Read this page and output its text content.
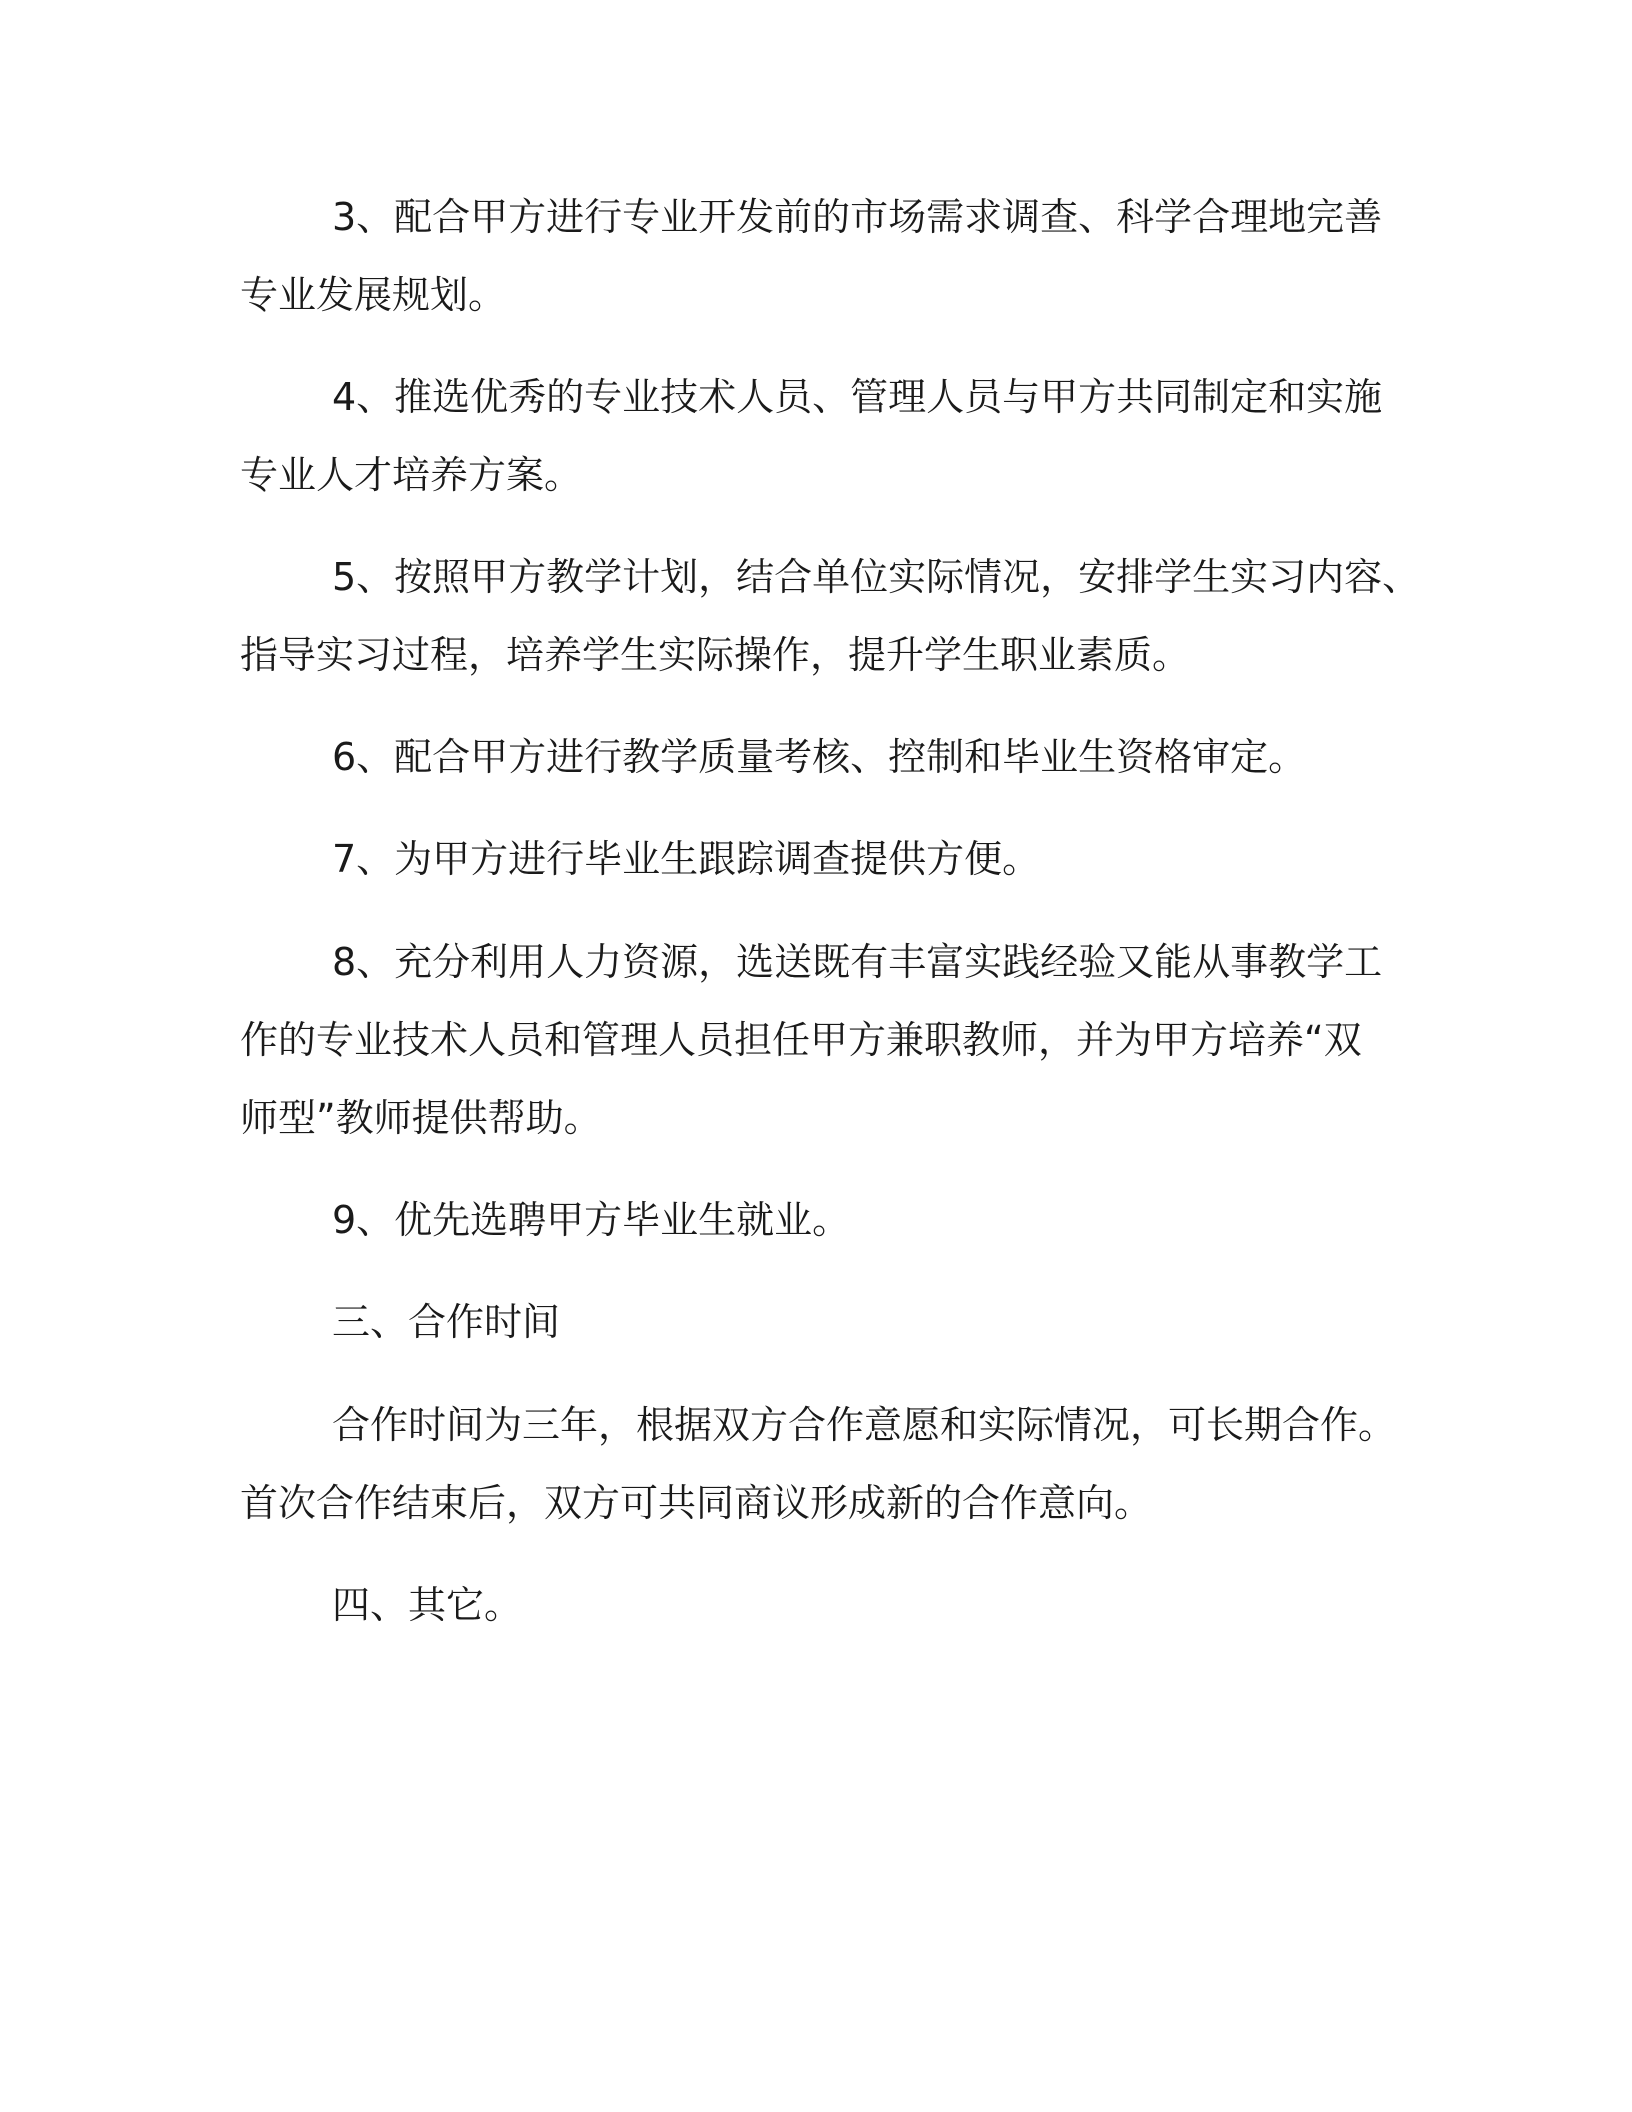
3、配合甲方进行专业开发前的市场需求调查、科学合理地完善

专业发展规划。

4、推选优秀的专业技术人员、管理人员与甲方共同制定和实施

专业人才培养方案。

5、按照甲方教学计划，结合单位实际情况，安排学生实习内容、

指导实习过程，培养学生实际操作，提升学生职业素质。

6、配合甲方进行教学质量考核、控制和毕业生资格审定。

7、为甲方进行毕业生跟踪调查提供方便。

8、充分利用人力资源，选送既有丰富实践经验又能从事教学工

作的专业技术人员和管理人员担任甲方兼职教师，并为甲方培养“双

师型”教师提供帮助。

9、优先选聘甲方毕业生就业。

三、合作时间

合作时间为三年，根据双方合作意愿和实际情况，可长期合作。

首次合作结束后，双方可共同商议形成新的合作意向。

四、其它。
